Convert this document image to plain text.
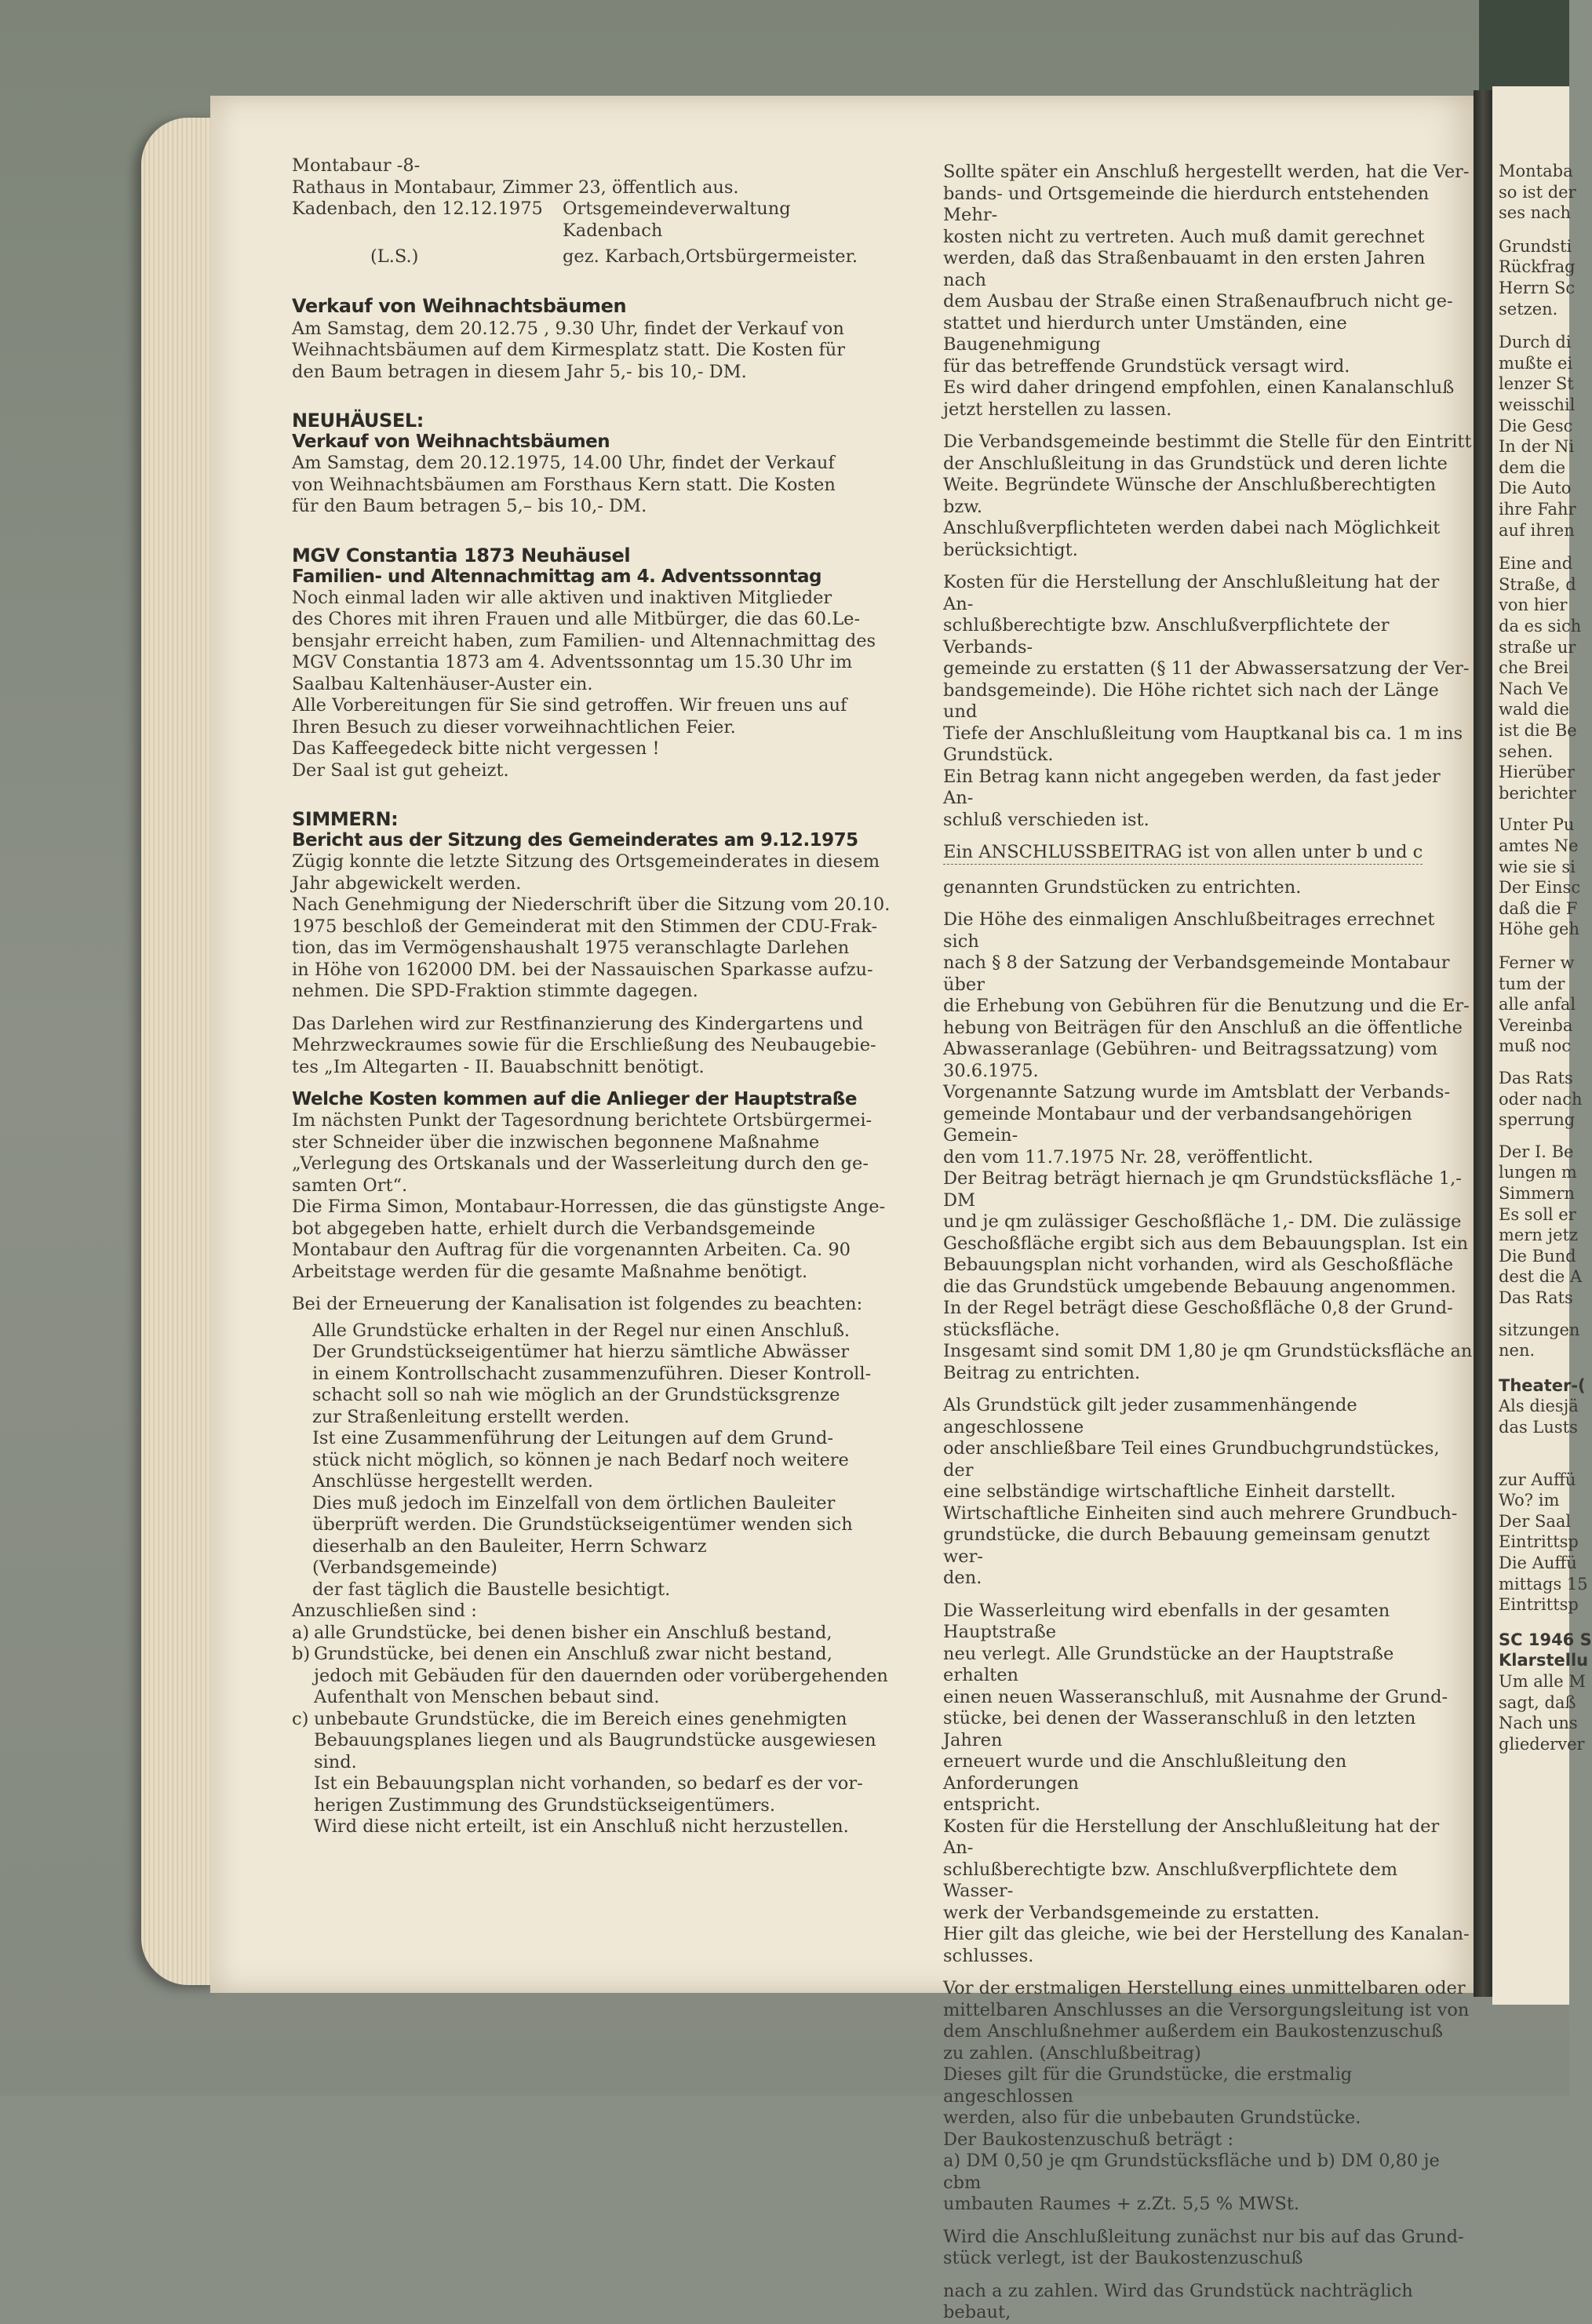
Montaba
so ist der
ses nach
Grundsti
Rückfrag
Herrn Sc
setzen.
Durch di
mußte ei
lenzer St
weisschil
Die Gesc
In der Ni
dem die
Die Auto
ihre Fahr
auf ihren
Eine and
Straße, d
von hier
da es sich
straße ur
che Brei
Nach Ve
wald die
ist die Be
sehen.
Hierüber
berichter
Unter Pu
amtes Ne
wie sie si
Der Einsc
daß die F
Höhe geh
Ferner w
tum der
alle anfal
Vereinba
muß noc
Das Rats
oder nach
sperrung
Der I. Be
lungen m
Simmern
Es soll er
mern jetz
Die Bund
dest die A
Das Rats
sitzungen
nen.
Theater-(
Als diesjä
das Lusts
zur Auffü
Wo? im
Der Saal
Eintrittsp
Die Auffü
mittags 15
Eintrittsp
SC 1946 S
Klarstellu
Um alle M
sagt, daß
Nach uns
gliederver

Montabaur -8-

Rathaus in Montabaur, Zimmer 23, öffentlich aus.

Kadenbach, den 12.12.1975	Ortsgemeindeverwaltung
Kadenbach
(L.S.)	gez. Karbach,Ortsbürgermeister.
Verkauf von Weihnachtsbäumen

Am Samstag, dem 20.12.75 , 9.30 Uhr, findet der Verkauf von
Weihnachtsbäumen auf dem Kirmesplatz statt. Die Kosten für
den Baum betragen in diesem Jahr 5,- bis 10,- DM.

NEUHÄUSEL:
Verkauf von Weihnachtsbäumen

Am Samstag, dem 20.12.1975, 14.00 Uhr, findet der Verkauf
von Weihnachtsbäumen am Forsthaus Kern statt. Die Kosten
für den Baum betragen 5,– bis 10,- DM.

MGV Constantia 1873 Neuhäusel
Familien- und Altennachmittag am 4. Adventssonntag

Noch einmal laden wir alle aktiven und inaktiven Mitglieder
des Chores mit ihren Frauen und alle Mitbürger, die das 60.Le-
bensjahr erreicht haben, zum Familien- und Altennachmittag des
MGV Constantia 1873 am 4. Adventssonntag um 15.30 Uhr im
Saalbau Kaltenhäuser-Auster ein.
Alle Vorbereitungen für Sie sind getroffen. Wir freuen uns auf
Ihren Besuch zu dieser vorweihnachtlichen Feier.
Das Kaffeegedeck bitte nicht vergessen !
Der Saal ist gut geheizt.

SIMMERN:
Bericht aus der Sitzung des Gemeinderates am 9.12.1975

Zügig konnte die letzte Sitzung des Ortsgemeinderates in diesem
Jahr abgewickelt werden.
Nach Genehmigung der Niederschrift über die Sitzung vom 20.10.
1975 beschloß der Gemeinderat mit den Stimmen der CDU-Frak-
tion, das im Vermögenshaushalt 1975 veranschlagte Darlehen
in Höhe von 162000 DM. bei der Nassauischen Sparkasse aufzu-
nehmen. Die SPD-Fraktion stimmte dagegen.

Das Darlehen wird zur Restfinanzierung des Kindergartens und
Mehrzweckraumes sowie für die Erschließung des Neubaugebie-
tes „Im Altegarten - II. Bauabschnitt benötigt.

Welche Kosten kommen auf die Anlieger der Hauptstraße

Im nächsten Punkt der Tagesordnung berichtete Ortsbürgermei-
ster Schneider über die inzwischen begonnene Maßnahme
„Verlegung des Ortskanals und der Wasserleitung durch den ge-
samten Ort“.
Die Firma Simon, Montabaur-Horressen, die das günstigste Ange-
bot abgegeben hatte, erhielt durch die Verbandsgemeinde
Montabaur den Auftrag für die vorgenannten Arbeiten. Ca. 90
Arbeitstage werden für die gesamte Maßnahme benötigt.

Bei der Erneuerung der Kanalisation ist folgendes zu beachten:

Alle Grundstücke erhalten in der Regel nur einen Anschluß.
Der Grundstückseigentümer hat hierzu sämtliche Abwässer
in einem Kontrollschacht zusammenzuführen. Dieser Kontroll-
schacht soll so nah wie möglich an der Grundstücksgrenze
zur Straßenleitung erstellt werden.
Ist eine Zusammenführung der Leitungen auf dem Grund-
stück nicht möglich, so können je nach Bedarf noch weitere
Anschlüsse hergestellt werden.
Dies muß jedoch im Einzelfall von dem örtlichen Bauleiter
überprüft werden. Die Grundstückseigentümer wenden sich
dieserhalb an den Bauleiter, Herrn Schwarz (Verbandsgemeinde)
der fast täglich die Baustelle besichtigt.

Anzuschließen sind :

a) alle Grundstücke, bei denen bisher ein Anschluß bestand,

b) Grundstücke, bei denen ein Anschluß zwar nicht bestand,
jedoch mit Gebäuden für den dauernden oder vorübergehenden
Aufenthalt von Menschen bebaut sind.

c) unbebaute Grundstücke, die im Bereich eines genehmigten
Bebauungsplanes liegen und als Baugrundstücke ausgewiesen
sind.
Ist ein Bebauungsplan nicht vorhanden, so bedarf es der vor-
herigen Zustimmung des Grundstückseigentümers.
Wird diese nicht erteilt, ist ein Anschluß nicht herzustellen.

Sollte später ein Anschluß hergestellt werden, hat die Ver-
bands- und Ortsgemeinde die hierdurch entstehenden Mehr-
kosten nicht zu vertreten. Auch muß damit gerechnet
werden, daß das Straßenbauamt in den ersten Jahren nach
dem Ausbau der Straße einen Straßenaufbruch nicht ge-
stattet und hierdurch unter Umständen, eine Baugenehmigung
für das betreffende Grundstück versagt wird.
Es wird daher dringend empfohlen, einen Kanalanschluß
jetzt herstellen zu lassen.

Die Verbandsgemeinde bestimmt die Stelle für den Eintritt
der Anschlußleitung in das Grundstück und deren lichte
Weite. Begründete Wünsche der Anschlußberechtigten bzw.
Anschlußverpflichteten werden dabei nach Möglichkeit
berücksichtigt.

Kosten für die Herstellung der Anschlußleitung hat der An-
schlußberechtigte bzw. Anschlußverpflichtete der Verbands-
gemeinde zu erstatten (§ 11 der Abwassersatzung der Ver-
bandsgemeinde). Die Höhe richtet sich nach der Länge und
Tiefe der Anschlußleitung vom Hauptkanal bis ca. 1 m ins
Grundstück.
Ein Betrag kann nicht angegeben werden, da fast jeder An-
schluß verschieden ist.

Ein ANSCHLUSSBEITRAG ist von allen unter b und c

genannten Grundstücken zu entrichten.

Die Höhe des einmaligen Anschlußbeitrages errechnet sich
nach § 8 der Satzung der Verbandsgemeinde Montabaur über
die Erhebung von Gebühren für die Benutzung und die Er-
hebung von Beiträgen für den Anschluß an die öffentliche
Abwasseranlage (Gebühren- und Beitragssatzung) vom
30.6.1975.
Vorgenannte Satzung wurde im Amtsblatt der Verbands-
gemeinde Montabaur und der verbandsangehörigen Gemein-
den vom 11.7.1975 Nr. 28, veröffentlicht.
Der Beitrag beträgt hiernach je qm Grundstücksfläche 1,- DM
und je qm zulässiger Geschoßfläche 1,- DM. Die zulässige
Geschoßfläche ergibt sich aus dem Bebauungsplan. Ist ein
Bebauungsplan nicht vorhanden, wird als Geschoßfläche
die das Grundstück umgebende Bebauung angenommen.
In der Regel beträgt diese Geschoßfläche 0,8 der Grund-
stücksfläche.
Insgesamt sind somit DM 1,80 je qm Grundstücksfläche an
Beitrag zu entrichten.

Als Grundstück gilt jeder zusammenhängende angeschlossene
oder anschließbare Teil eines Grundbuchgrundstückes, der
eine selbständige wirtschaftliche Einheit darstellt.
Wirtschaftliche Einheiten sind auch mehrere Grundbuch-
grundstücke, die durch Bebauung gemeinsam genutzt wer-
den.

Die Wasserleitung wird ebenfalls in der gesamten Hauptstraße
neu verlegt. Alle Grundstücke an der Hauptstraße erhalten
einen neuen Wasseranschluß, mit Ausnahme der Grund-
stücke, bei denen der Wasseranschluß in den letzten Jahren
erneuert wurde und die Anschlußleitung den Anforderungen
entspricht.
Kosten für die Herstellung der Anschlußleitung hat der An-
schlußberechtigte bzw. Anschlußverpflichtete dem Wasser-
werk der Verbandsgemeinde zu erstatten.
Hier gilt das gleiche, wie bei der Herstellung des Kanalan-
schlusses.

Vor der erstmaligen Herstellung eines unmittelbaren oder
mittelbaren Anschlusses an die Versorgungsleitung ist von
dem Anschlußnehmer außerdem ein Baukostenzuschuß
zu zahlen. (Anschlußbeitrag)
Dieses gilt für die Grundstücke, die erstmalig angeschlossen
werden, also für die unbebauten Grundstücke.
Der Baukostenzuschuß beträgt :
a) DM 0,50 je qm Grundstücksfläche und b) DM 0,80 je cbm
umbauten Raumes + z.Zt. 5,5 % MWSt.

Wird die Anschlußleitung zunächst nur bis auf das Grund-
stück verlegt, ist der Baukostenzuschuß

nach a zu zahlen. Wird das Grundstück nachträglich bebaut,
